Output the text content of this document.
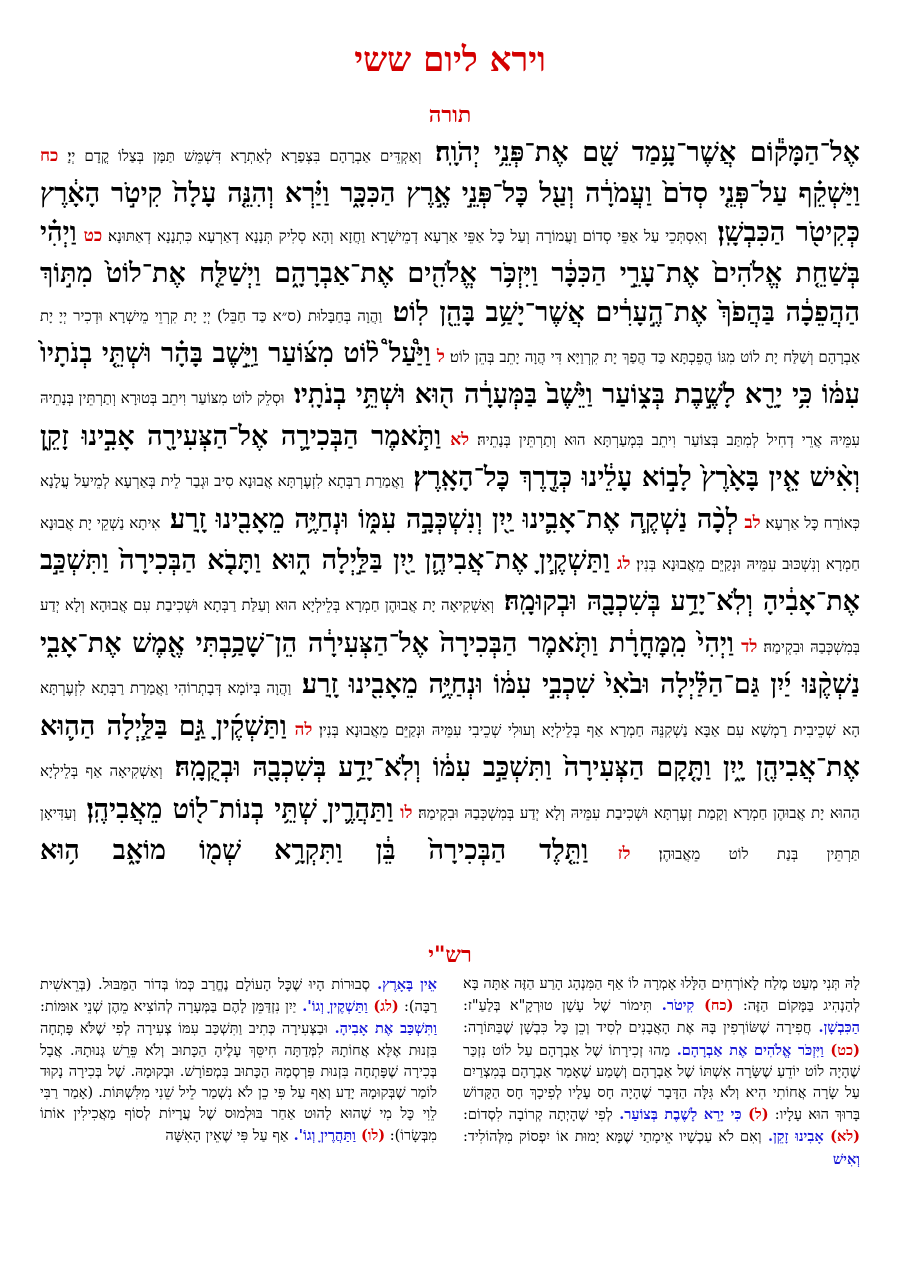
וירא ליום ששי
תורה
אֶל־הַמָּק֕וֹם אֲשֶׁר־עָ֥מַד שָׁ֖ם אֶת־פְּנֵ֥י יְהֹוָֽה׃ וְאַקְדֵּים אַבְרָהָם בִּצְפַרָא לְאַתְרָא דִּשְׁמֵּשׁ תַּמָּן בְּצַלוֹ קֳדָם יְיָ׃ כח וַיַּשְׁקֵ֗ף עַל־פְּנֵ֤י סְדֹם֙ וַעֲמֹרָ֔ה וְעַ֖ל כׇּל־פְּנֵ֣י אֶ֣רֶץ הַכִּכָּ֑ר וַיַּ֗רְא וְהִנֵּ֤ה עָלָה֙ קִיטֹ֣ר הָאָ֔רֶץ כְּקִיטֹ֖ר הַכִּבְשָֽׁן׃ וְאִסְתְּכֵי עַל אַפֵּי סְדוֹם וַעֲמוֹרָה וְעַל כׇּל אַפֵּי אַרְעָא דְמֵישְׁרָא וַחֲזָא וְהָא סְלִיק תְּנָנָא דְאַרְעָא כִּתְנָנָא דְאַתּוּנָא׃ כט וַיְהִ֗י בְּשַׁחֵ֤ת אֱלֹהִים֙ אֶת־עָרֵ֣י הַכִּכָּ֔ר וַיִּזְכֹּ֥ר אֱלֹהִ֖ים אֶת־אַבְרָהָ֑ם וַיְשַׁלַּ֤ח אֶת־לוֹט֙ מִתּ֣וֹךְ הַהֲפֵכָ֔ה בַּהֲפֹךְ֙ אֶת־הֶ֣עָרִ֔ים אֲשֶׁר־יָשַׁ֥ב בָּהֵ֖ן לֽוֹט׃ וַהֲוָה בְּחַבָּלוּת (ס״א כַּד חַבֵּל) יְיָ יָת קִרְוֵי מֵישְׁרָא וּדְכִיר יְיָ יָת אַבְרָהָם וְשַׁלַּח יָת לוֹט מִגּוֹ הֲפֵכְתָּא כַּד הֲפַךְ יָת קִרְוַיָּא דִּי הֲוָה יָתֵב בְּהֵן לוֹט׃ ל וַיַּ֩עַל֩ ל֨וֹט מִצּ֜וֹעַר וַיֵּ֣שֶׁב בָּהָ֗ר וּשְׁתֵּ֤י בְנֹתָיו֙ עִמּ֔וֹ כִּ֥י יָרֵ֖א לָשֶׁ֣בֶת בְּצ֑וֹעַר וַיֵּ֙שֶׁב֙ בַּמְּעָרָ֔ה ה֖וּא וּשְׁתֵּ֥י בְנֹתָֽיו׃ וּסְלֵק לוֹט מִצּוֹעַר וִיתֵב בְּטוּרָא וְתַרְתֵּין בְּנָתֵיהּ עִמֵּיהּ אֲרֵי דְחִיל לְמִתַּב בְּצוֹעַר וִיתֵב בִּמְעַרְתָּא הוּא וְתַרְתֵּין בְּנָתֵיהּ׃ לא וַתֹּ֧אמֶר הַבְּכִירָ֛ה אֶל־הַצְּעִירָ֖ה אָבִ֣ינוּ זָקֵ֑ן וְאִ֨ישׁ אֵ֤ין בָּאָ֙רֶץ֙ לָב֣וֹא עָלֵ֔ינוּ כְּדֶ֖רֶךְ כׇּל־הָאָֽרֶץ׃ וַאֲמַרַת רַבְּתָא לִזְעֶרְתָּא אֲבוּנָא סִיב וּגְבַר לֵית בְּאַרְעָא לְמֵיעַל עֲלָנָא כְּאוֹרַח כׇּל אַרְעָא׃ לב לְכָ֨ה נַשְׁקֶ֧ה אֶת־אָבִ֛ינוּ יַ֖יִן וְנִשְׁכְּבָ֣ה עִמּ֑וֹ וּנְחַיֶּ֥ה מֵאָבִ֖ינוּ זָֽרַע׃ אִיתָא נַשְׁקֵי יָת אֲבוּנָא חַמְרָא וְנִשְׁכּוּב עִמֵּיהּ וּנְקַיֵּם מֵאֲבוּנָא בְּנִין׃ לג וַתַּשְׁקֶ֧יןָ אֶת־אֲבִיהֶ֛ן יַ֖יִן בַּלַּ֣יְלָה ה֑וּא וַתָּבֹ֤א הַבְּכִירָה֙ וַתִּשְׁכַּ֣ב אֶת־אָבִ֔יהָ וְלֹֽא־יָדַ֥ע בְּשִׁכְבָ֖הּ וּבְקוּמָֽהּ׃ וְאַשְׁקִיאָה יָת אֲבוּהֶן חַמְרָא בְּלֵילְיָא הוּא וְעַלַּת רַבְּתָא וּשְׁכִיבַת עִם אֲבוּהָא וְלָא יְדַע בְּמִשְׁכְּבַהּ וּבִקְימַהּ׃ לד וַיְהִי֙ מִֽמׇּחֳרָ֔ת וַתֹּ֤אמֶר הַבְּכִירָה֙ אֶל־הַצְּעִירָ֔ה הֵן־שָׁכַ֥בְתִּי אֶ֖מֶשׁ אֶת־אָבִ֑י נַשְׁקֶ֨נּוּ יַ֜יִן גַּם־הַלַּ֗יְלָה וּבֹ֙אִי֙ שִׁכְבִ֣י עִמּ֔וֹ וּנְחַיֶּ֥ה מֵאָבִ֖ינוּ זָֽרַע׃ וַהֲוָה בְּיוֹמָא דְּבָתְרוֹהִי וַאֲמַרַת רַבְּתָא לִזְעֶרְתָּא הָא שְׁכֵיבִית רַמְשָׁא עִם אַבָּא נַשְׁקִנֵּהּ חַמְרָא אַף בְּלֵילְיָא וְעוּלִי שְׁכֵיבִי עִמֵּיהּ וּנְקַיֵּם מֵאֲבוּנָא בְּנִין׃ לה וַתַּשְׁקֶ֜יןָ גַּ֣ם בַּלַּ֧יְלָה הַה֛וּא אֶת־אֲבִיהֶ֖ן יָ֑יִן וַתָּ֤קׇם הַצְּעִירָה֙ וַתִּשְׁכַּ֣ב עִמּ֔וֹ וְלֹֽא־יָדַ֥ע בְּשִׁכְבָ֖הּ וּבְקֻמָֽהּ׃ וְאַשְׁקִיאָה אַף בְּלֵילְיָא הַהוּא יָת אֲבוּהֶן חַמְרָא וְקָמַת זְעֶרְתָּא וּשְׁכִיבַת עִמֵּיהּ וְלָא יְדַע בְּמִשְׁכְּבַהּ וּבִקְימַהּ׃ לו וַתַּהֲרֶ֛יןָ שְׁתֵּ֥י בְנוֹת־ל֖וֹט מֵאֲבִיהֶֽן׃ וְעַדִּיאָן תַּרְתֵּין בְּנַת לוֹט מֵאֲבוּהֶן׃ לז וַתֵּ֤לֶד הַבְּכִירָה֙ בֵּ֔ן וַתִּקְרָ֥א שְׁמ֖וֹ מוֹאָ֑ב ה֥וּא
רש"י
לָהּ תְּנִי מְעַט מֶלַח לָאוֹרְחִים הַלָּלוּ אָמְרָה לוֹ אַף הַמִּנְהָג הָרַע הַזֶּה אַתָּה בָּא לְהַנְהִיג בַּמָּקוֹם הַזֶּה: (כח) קִיטֹר. תִּימוֹר שֶׁל עָשָׁן טוּרְקָ"א בְּלַעַ"ז: הַכִּבְשָׁן. חֲפִירָה שֶׁשּׂוֹרְפִין בָּהּ אֶת הָאֲבָנִים לְסִיד וְכֵן כׇּל כִּבְשָׁן שֶׁבַּתּוֹרָה: (כט) וַיִּזְכֹּר אֱלֹהִים אֶת אַבְרָהָם. מַהוּ זְכִירָתוֹ שֶׁל אַבְרָהָם עַל לוֹט נִזְכַּר שֶׁהָיָה לוֹט יוֹדֵעַ שֶׁשָּׂרָה אִשְׁתּוֹ שֶׁל אַבְרָהָם וְשָׁמַע שֶׁאָמַר אַבְרָהָם בְּמִצְרַיִם עַל שָׂרָה אֲחוֹתִי הִיא וְלֹא גִּלָּה הַדָּבָר שֶׁהָיָה חָס עָלָיו לְפִיכָךְ חָס הַקָּדוֹשׁ בָּרוּךְ הוּא עָלָיו: (ל) כִּי יָרֵא לָשֶׁבֶת בְּצוֹעַר. לְפִי שֶׁהָיְתָה קְרוֹבָה לִסְדוֹם: (לא) אָבִינוּ זָקֵן. וְאִם לֹא עַכְשָׁיו אֵימָתַי שֶׁמָּא יָמוּת אוֹ יִפְסוֹק מִלְּהוֹלִיד: וְאִישׁ
אֵין בָּאָרֶץ. סְבוּרוֹת הָיוּ שֶׁכׇּל הָעוֹלָם נֶחֱרַב כְּמוֹ בְּדוֹר הַמַּבּוּל. (בְּרֵאשִׁית רַבָּה): (לג) וַתַּשְׁקֶיןָ וְגוֹ'. יַיִן נִזְדַּמֵּן לָהֶם בַּמְּעָרָה לְהוֹצִיא מֵהֶן שְׁנֵי אוּמּוֹת: וַתִּשְׁכַּב אֶת אָבִיהָ. וּבַצְּעִירָה כְּתִיב וַתִּשְׁכַּב עִמּוֹ צְעִירָה לְפִי שֶׁלֹּא פָּתְחָה בִּזְנוּת אֶלָּא אֲחוֹתָהּ לִמְּדַתָּה חִיסֵּךְ עָלֶיהָ הַכָּתוּב וְלֹא פֵּרֵשׁ גְּנוּתָהּ. אֲבָל בְּכִירָה שֶׁפָּתְחָה בִּזְנוּת פִּרְסְמָהּ הַכָּתוּב בִּמְפוֹרָשׁ. וּבְקוּמָהּ. שֶׁל בְּכִירָה נָקוּד לוֹמַר שֶׁבְּקוּמָהּ יָדַע וְאַף עַל פִּי כֵן לֹא נִשְׁמַר לֵיל שֵׁנִי מִלִּשְׁתּוֹת. (אָמַר רַבִּי לֵוִי כׇּל מִי שֶׁהוּא לָהוּט אַחַר בּוּלְמוּס שֶׁל עֲרָיוֹת לְסוֹף מַאֲכִילִין אוֹתוֹ מִבְּשָׂרוֹ): (לו) וַתַּהֲרֶיןָ וְגוֹ'. אַף עַל פִּי שֶׁאֵין הָאִשָּׁה
